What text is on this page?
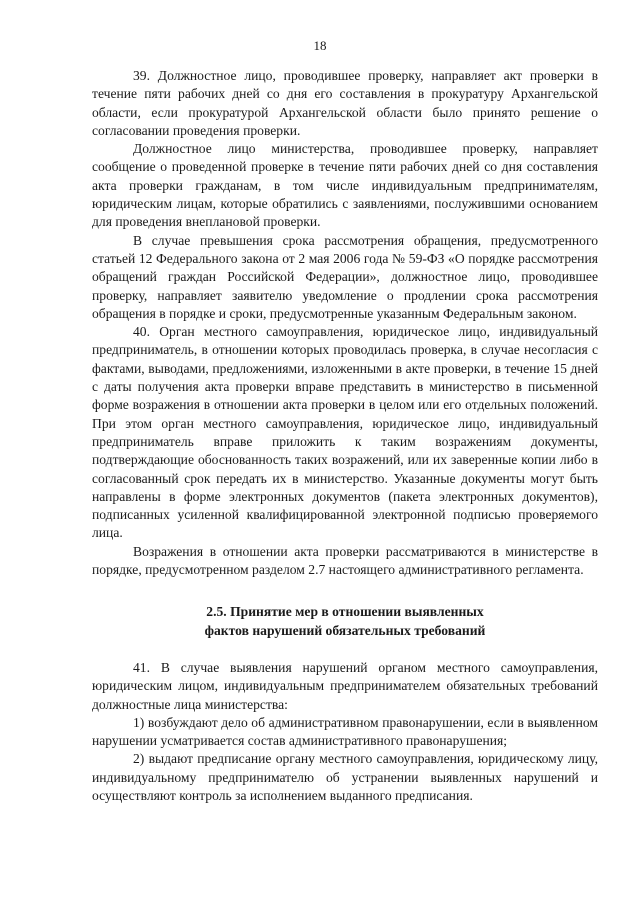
18

39. Должностное лицо, проводившее проверку, направляет акт проверки в течение пяти рабочих дней со дня его составления в прокуратуру Архангельской области, если прокуратурой Архангельской области было принято решение о согласовании проведения проверки.

Должностное лицо министерства, проводившее проверку, направляет сообщение о проведенной проверке в течение пяти рабочих дней со дня составления акта проверки гражданам, в том числе индивидуальным предпринимателям, юридическим лицам, которые обратились с заявлениями, послужившими основанием для проведения внеплановой проверки.

В случае превышения срока рассмотрения обращения, предусмотренного статьей 12 Федерального закона от 2 мая 2006 года № 59-ФЗ «О порядке рассмотрения обращений граждан Российской Федерации», должностное лицо, проводившее проверку, направляет заявителю уведомление о продлении срока рассмотрения обращения в порядке и сроки, предусмотренные указанным Федеральным законом.

40. Орган местного самоуправления, юридическое лицо, индивидуальный предприниматель, в отношении которых проводилась проверка, в случае несогласия с фактами, выводами, предложениями, изложенными в акте проверки, в течение 15 дней с даты получения акта проверки вправе представить в министерство в письменной форме возражения в отношении акта проверки в целом или его отдельных положений. При этом орган местного самоуправления, юридическое лицо, индивидуальный предприниматель вправе приложить к таким возражениям документы, подтверждающие обоснованность таких возражений, или их заверенные копии либо в согласованный срок передать их в министерство. Указанные документы могут быть направлены в форме электронных документов (пакета электронных документов), подписанных усиленной квалифицированной электронной подписью проверяемого лица.

Возражения в отношении акта проверки рассматриваются в министерстве в порядке, предусмотренном разделом 2.7 настоящего административного регламента.

2.5. Принятие мер в отношении выявленных
фактов нарушений обязательных требований

41. В случае выявления нарушений органом местного самоуправления, юридическим лицом, индивидуальным предпринимателем обязательных требований должностные лица министерства:

1) возбуждают дело об административном правонарушении, если в выявленном нарушении усматривается состав административного правонарушения;

2) выдают предписание органу местного самоуправления, юридическому лицу, индивидуальному предпринимателю об устранении выявленных нарушений и осуществляют контроль за исполнением выданного предписания.
